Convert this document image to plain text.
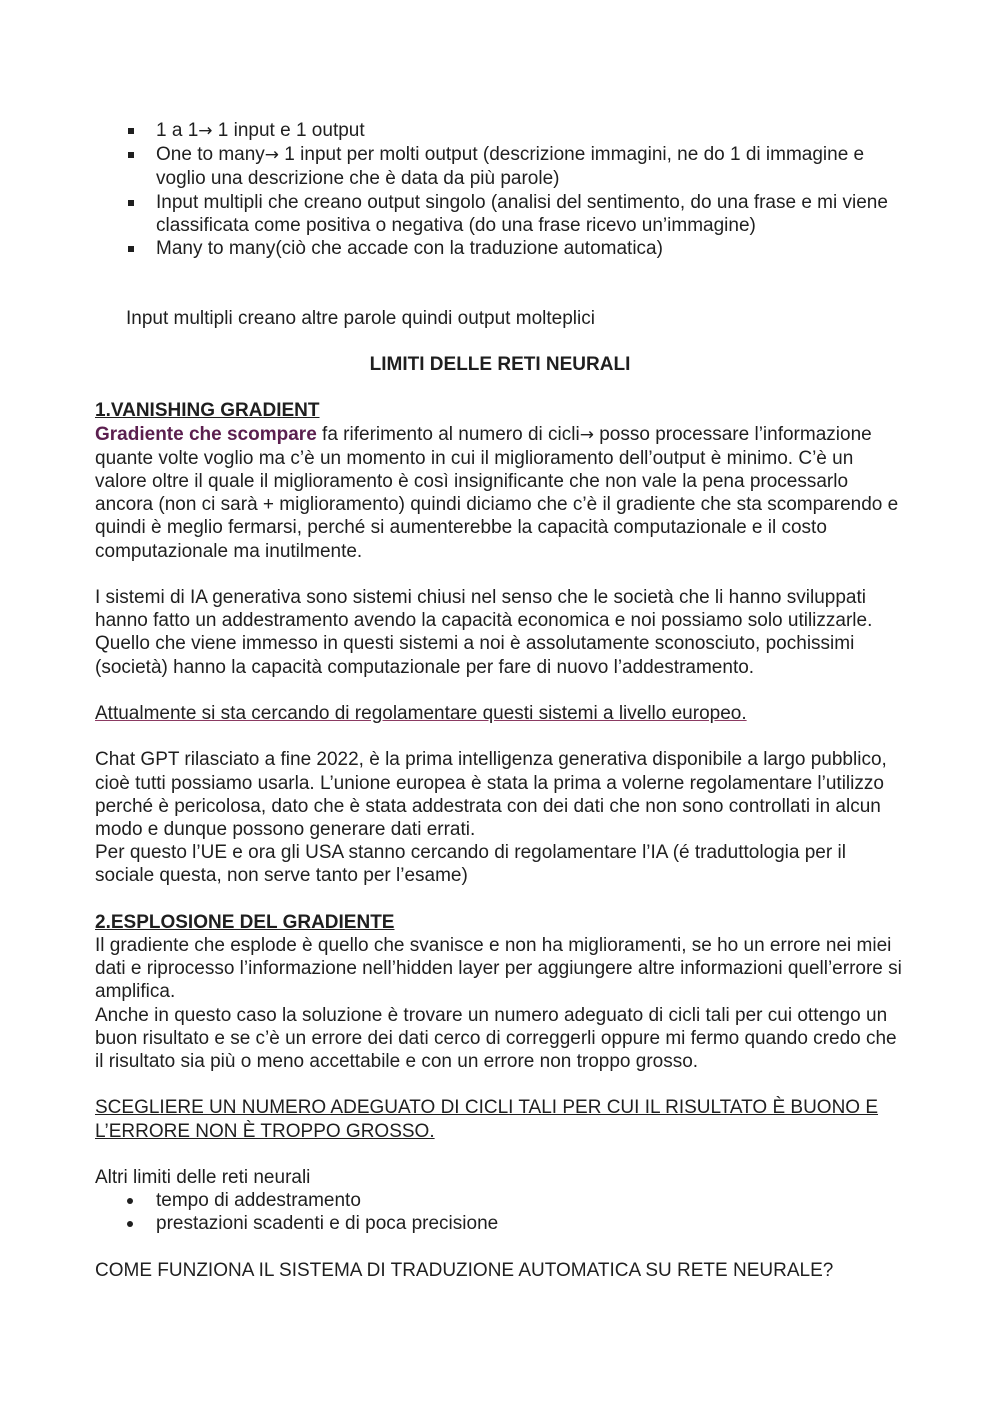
1 a 1→ 1 input e 1 output
One to many→ 1 input per molti output (descrizione immagini, ne do 1 di immagine e voglio una descrizione che è data da più parole)
Input multipli che creano output singolo (analisi del sentimento, do una frase e mi viene classificata come positiva o negativa (do una frase ricevo un’immagine)
Many to many(ciò che accade con la traduzione automatica)

Input multipli creano altre parole quindi output molteplici

LIMITI DELLE RETI NEURALI

1.VANISHING GRADIENT

Gradiente che scompare fa riferimento al numero di cicli→ posso processare l’informazione quante volte voglio ma c’è un momento in cui il miglioramento dell’output è minimo. C’è un valore oltre il quale il miglioramento è così insignificante che non vale la pena processarlo ancora (non ci sarà + miglioramento) quindi diciamo che c’è il gradiente che sta scomparendo e quindi è meglio fermarsi, perché si aumenterebbe la capacità computazionale e il costo computazionale ma inutilmente.

I sistemi di IA generativa sono sistemi chiusi nel senso che le società che li hanno sviluppati hanno fatto un addestramento avendo la capacità economica e noi possiamo solo utilizzarle.

Quello che viene immesso in questi sistemi a noi è assolutamente sconosciuto, pochissimi (società) hanno la capacità computazionale per fare di nuovo l’addestramento.

Attualmente si sta cercando di regolamentare questi sistemi a livello europeo.

Chat GPT rilasciato a fine 2022, è la prima intelligenza generativa disponibile a largo pubblico, cioè tutti possiamo usarla. L’unione europea è stata la prima a volerne regolamentare l’utilizzo perché è pericolosa, dato che è stata addestrata con dei dati che non sono controllati in alcun modo e dunque possono generare dati errati.

Per questo l’UE e ora gli USA stanno cercando di regolamentare l’IA (é traduttologia per il sociale questa, non serve tanto per l’esame)

2.ESPLOSIONE DEL GRADIENTE

Il gradiente che esplode è quello che svanisce e non ha miglioramenti, se ho un errore nei miei dati e riprocesso l’informazione nell’hidden layer per aggiungere altre informazioni quell’errore si amplifica.

Anche in questo caso la soluzione è trovare un numero adeguato di cicli tali per cui ottengo un buon risultato e se c’è un errore dei dati cerco di correggerli oppure mi fermo quando credo che il risultato sia più o meno accettabile e con un errore non troppo grosso.

SCEGLIERE UN NUMERO ADEGUATO DI CICLI TALI PER CUI IL RISULTATO È BUONO E L’ERRORE NON È TROPPO GROSSO.

Altri limiti delle reti neurali

tempo di addestramento
prestazioni scadenti e di poca precisione

COME FUNZIONA IL SISTEMA DI TRADUZIONE AUTOMATICA SU RETE NEURALE?
